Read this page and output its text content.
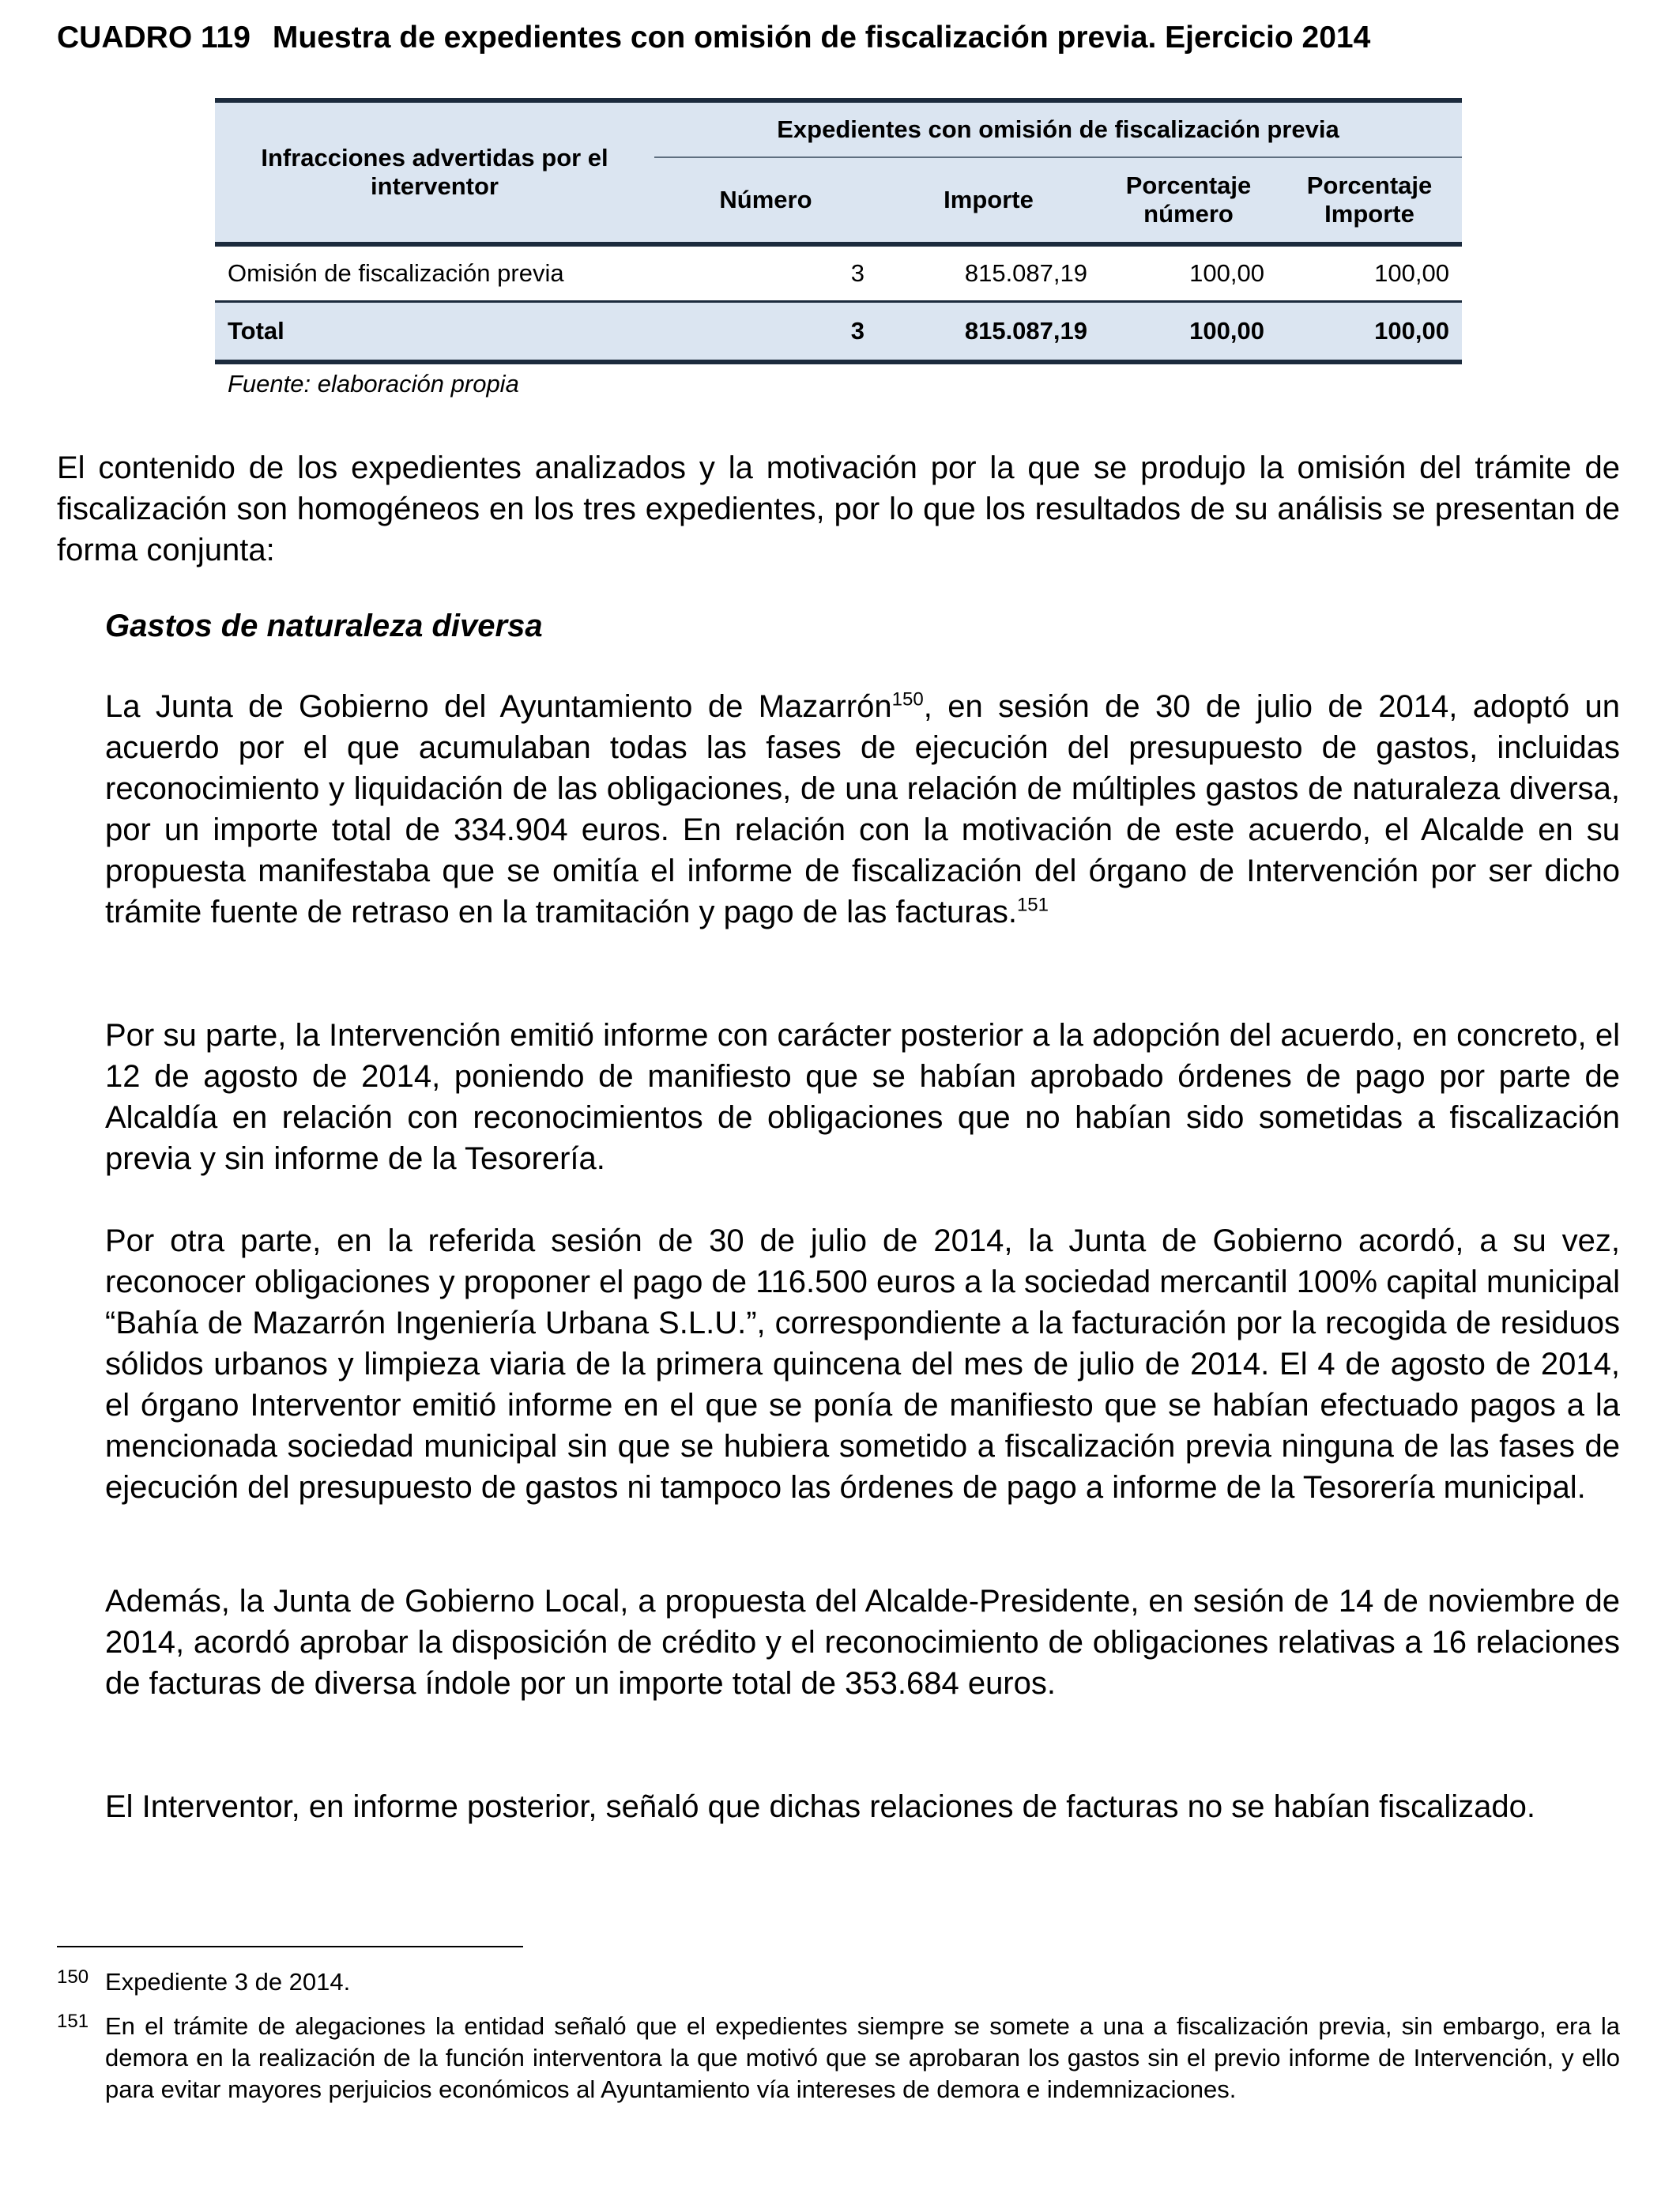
CUADRO 119 Muestra de expedientes con omisión de fiscalización previa. Ejercicio 2014
Infracciones advertidas por el interventor	Expedientes con omisión de fiscalización previa			
	Número	Importe	Porcentaje número	Porcentaje Importe
Omisión de fiscalización previa	3	815.087,19	100,00	100,00
Total	3	815.087,19	100,00	100,00
Fuente: elaboración propia

El contenido de los expedientes analizados y la motivación por la que se produjo la omisión del trámite de fiscalización son homogéneos en los tres expedientes, por lo que los resultados de su análisis se presentan de forma conjunta:

Gastos de naturaleza diversa

La Junta de Gobierno del Ayuntamiento de Mazarrón$^{150}$, en sesión de 30 de julio de 2014, adoptó un acuerdo por el que acumulaban todas las fases de ejecución del presupuesto de gastos, incluidas reconocimiento y liquidación de las obligaciones, de una relación de múltiples gastos de naturaleza diversa, por un importe total de 334.904 euros. En relación con la motivación de este acuerdo, el Alcalde en su propuesta manifestaba que se omitía el informe de fiscalización del órgano de Intervención por ser dicho trámite fuente de retraso en la tramitación y pago de las facturas.$^{151}$

Por su parte, la Intervención emitió informe con carácter posterior a la adopción del acuerdo, en concreto, el 12 de agosto de 2014, poniendo de manifiesto que se habían aprobado órdenes de pago por parte de Alcaldía en relación con reconocimientos de obligaciones que no habían sido sometidas a fiscalización previa y sin informe de la Tesorería.

Por otra parte, en la referida sesión de 30 de julio de 2014, la Junta de Gobierno acordó, a su vez, reconocer obligaciones y proponer el pago de 116.500 euros a la sociedad mercantil 100% capital municipal “Bahía de Mazarrón Ingeniería Urbana S.L.U.”, correspondiente a la facturación por la recogida de residuos sólidos urbanos y limpieza viaria de la primera quincena del mes de julio de 2014. El 4 de agosto de 2014, el órgano Interventor emitió informe en el que se ponía de manifiesto que se habían efectuado pagos a la mencionada sociedad municipal sin que se hubiera sometido a fiscalización previa ninguna de las fases de ejecución del presupuesto de gastos ni tampoco las órdenes de pago a informe de la Tesorería municipal.

Además, la Junta de Gobierno Local, a propuesta del Alcalde-Presidente, en sesión de 14 de noviembre de 2014, acordó aprobar la disposición de crédito y el reconocimiento de obligaciones relativas a 16 relaciones de facturas de diversa índole por un importe total de 353.684 euros.

El Interventor, en informe posterior, señaló que dichas relaciones de facturas no se habían fiscalizado.

150 Expediente 3 de 2014.
151 En el trámite de alegaciones la entidad señaló que el expedientes siempre se somete a una a fiscalización previa, sin embargo, era la demora en la realización de la función interventora la que motivó que se aprobaran los gastos sin el previo informe de Intervención, y ello para evitar mayores perjuicios económicos al Ayuntamiento vía intereses de demora e indemnizaciones.
